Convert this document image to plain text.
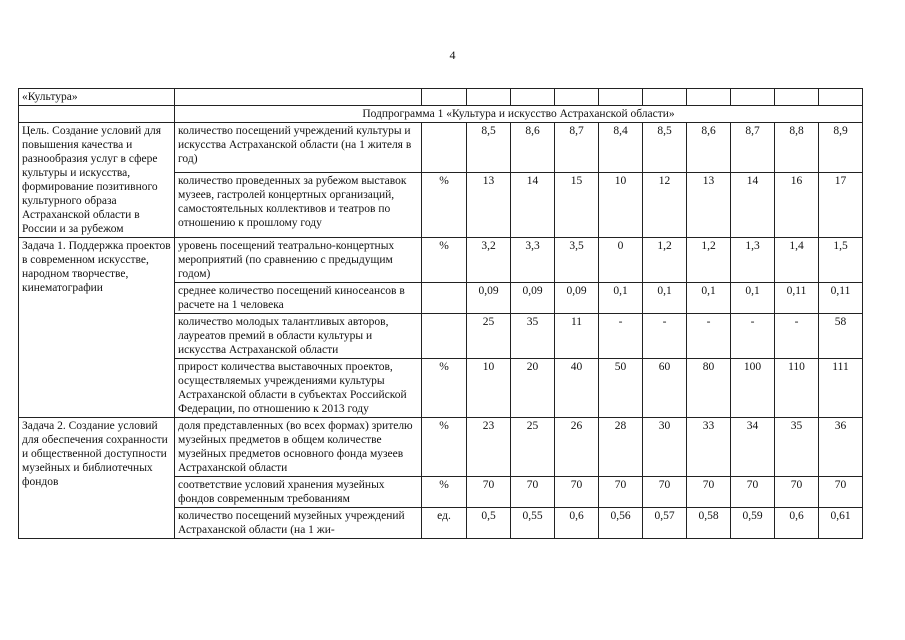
4
«Культура»											
	Подпрограмма 1 «Культура и искусство Астраханской области»										
Цель. Создание условий для повышения качества и разнообразия услуг в сфере культуры и искусства, формирование позитивного культурного образа Астраханской области в России и за рубежом	количество посещений учреждений культуры и искусства Астраханской области (на 1 жителя в год)		8,5	8,6	8,7	8,4	8,5	8,6	8,7	8,8	8,9
	количество проведенных за рубежом выставок музеев, гастролей концертных организаций, самостоятельных коллективов и театров по отношению к прошлому году	%	13	14	15	10	12	13	14	16	17
Задача 1. Поддержка проектов в современном искусстве, народном творчестве, кинематографии	уровень посещений театрально-концертных мероприятий (по сравнению с предыдущим годом)	%	3,2	3,3	3,5	0	1,2	1,2	1,3	1,4	1,5
	среднее количество посещений киносеансов в расчете на 1 человека		0,09	0,09	0,09	0,1	0,1	0,1	0,1	0,11	0,11
	количество молодых талантливых авторов, лауреатов премий в области культуры и искусства Астраханской области		25	35	11	-	-	-	-	-	58
	прирост количества выставочных проектов, осуществляемых учреждениями культуры Астраханской области в субъектах Российской Федерации, по отношению к 2013 году	%	10	20	40	50	60	80	100	110	111
Задача 2. Создание условий для обеспечения сохранности и общественной доступности музейных и библиотечных фондов	доля представленных (во всех формах) зрителю музейных предметов в общем количестве музейных предметов основного фонда музеев Астраханской области	%	23	25	26	28	30	33	34	35	36
	соответствие условий хранения музейных фондов современным требованиям	%	70	70	70	70	70	70	70	70	70
	количество посещений музейных учреждений Астраханской области (на 1 жи-	ед.	0,5	0,55	0,6	0,56	0,57	0,58	0,59	0,6	0,61
